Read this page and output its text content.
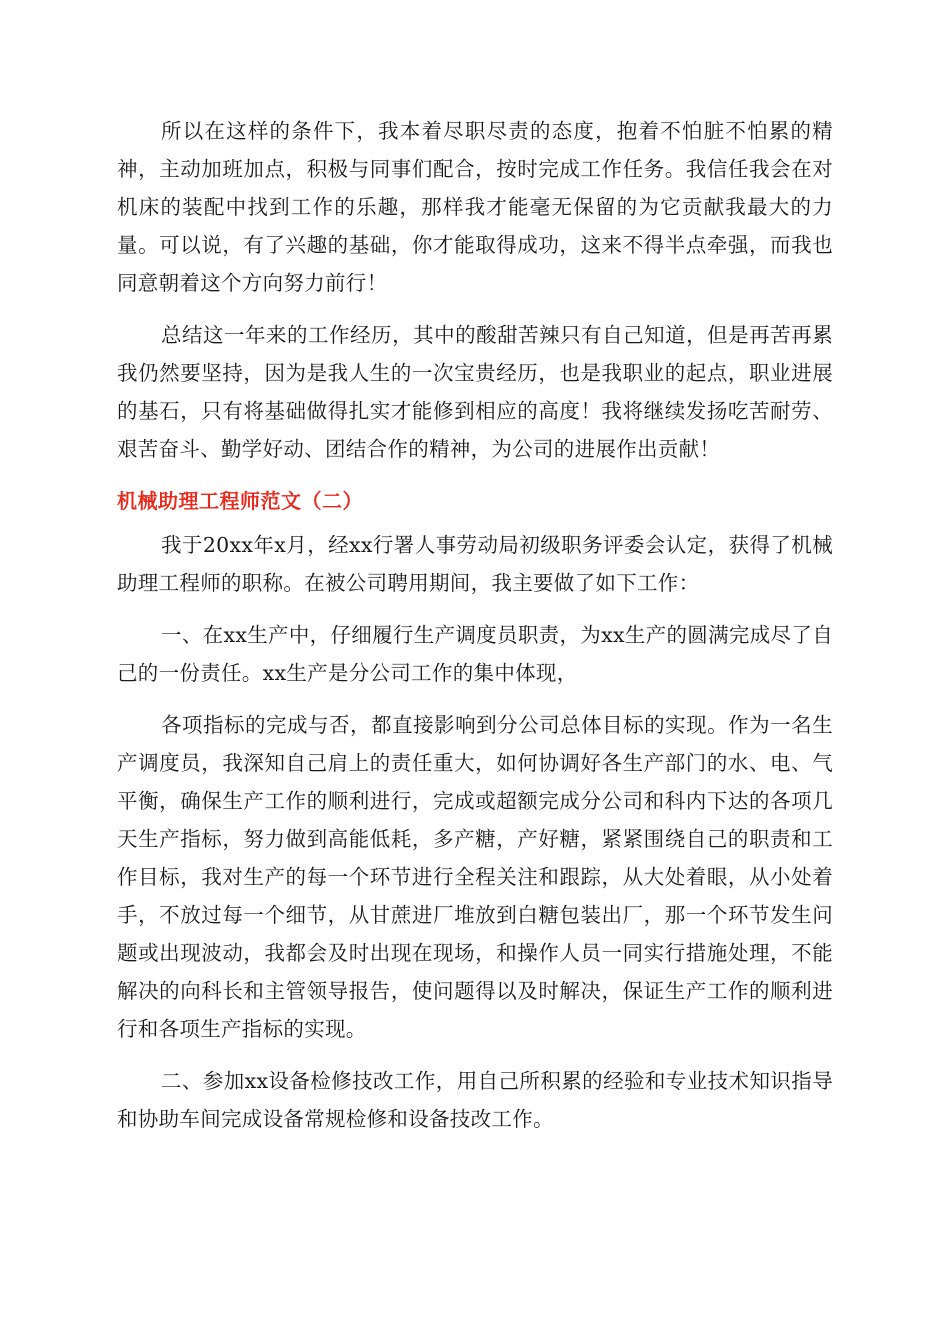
所以在这样的条件下，我本着尽职尽责的态度，抱着不怕脏不怕累的精神，主动加班加点，积极与同事们配合，按时完成工作任务。我信任我会在对机床的装配中找到工作的乐趣，那样我才能毫无保留的为它贡献我最大的力量。可以说，有了兴趣的基础，你才能取得成功，这来不得半点牵强，而我也同意朝着这个方向努力前行！

总结这一年来的工作经历，其中的酸甜苦辣只有自己知道，但是再苦再累我仍然要坚持，因为是我人生的一次宝贵经历，也是我职业的起点，职业进展的基石，只有将基础做得扎实才能修到相应的高度！我将继续发扬吃苦耐劳、艰苦奋斗、勤学好动、团结合作的精神，为公司的进展作出贡献！

机械助理工程师范文（二）

我于20xx年x月，经xx行署人事劳动局初级职务评委会认定，获得了机械助理工程师的职称。在被公司聘用期间，我主要做了如下工作：

一、在xx生产中，仔细履行生产调度员职责，为xx生产的圆满完成尽了自己的一份责任。xx生产是分公司工作的集中体现，

各项指标的完成与否，都直接影响到分公司总体目标的实现。作为一名生产调度员，我深知自己肩上的责任重大，如何协调好各生产部门的水、电、气平衡，确保生产工作的顺利进行，完成或超额完成分公司和科内下达的各项几天生产指标，努力做到高能低耗，多产糖，产好糖，紧紧围绕自己的职责和工作目标，我对生产的每一个环节进行全程关注和跟踪，从大处着眼，从小处着手，不放过每一个细节，从甘蔗进厂堆放到白糖包装出厂，那一个环节发生问题或出现波动，我都会及时出现在现场，和操作人员一同实行措施处理，不能解决的向科长和主管领导报告，使问题得以及时解决，保证生产工作的顺利进行和各项生产指标的实现。

二、参加xx设备检修技改工作，用自己所积累的经验和专业技术知识指导和协助车间完成设备常规检修和设备技改工作。
